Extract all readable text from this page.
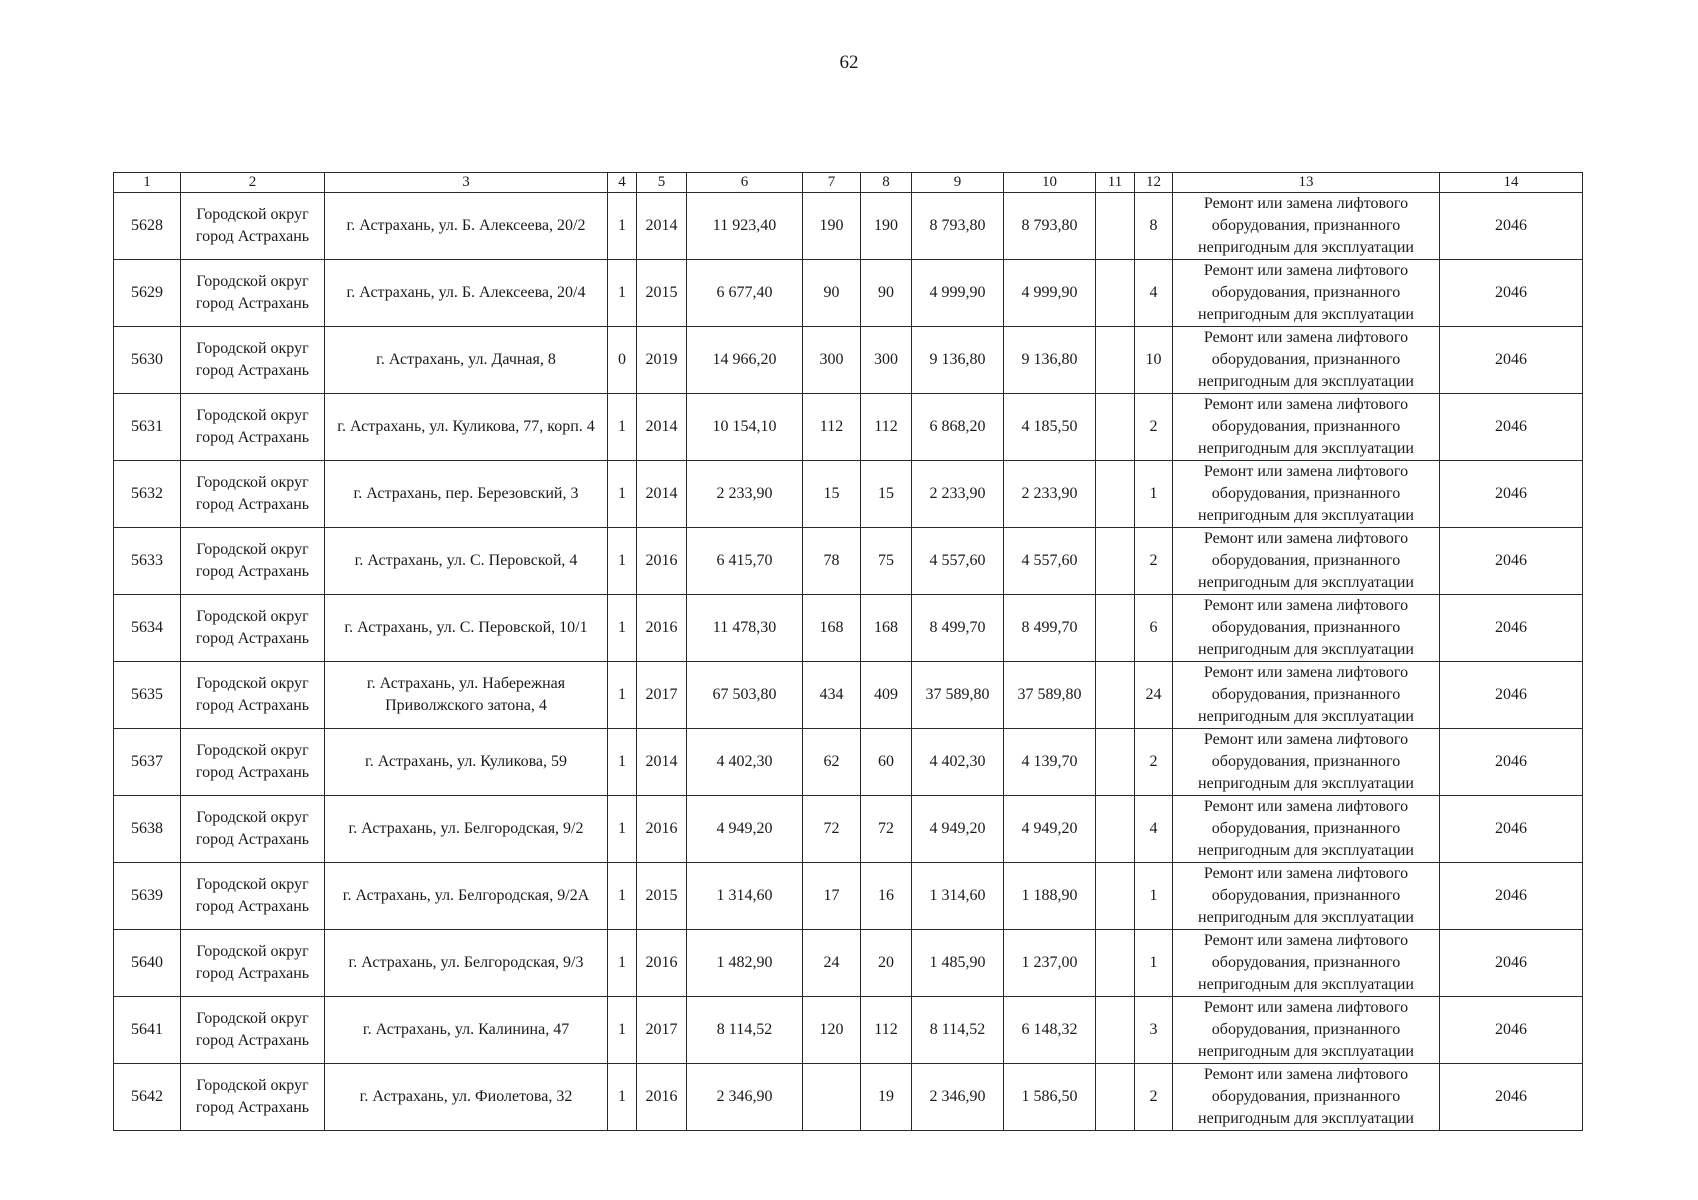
62
1	2	3	4	5	6	7	8	9	10	11	12	13	14
5628	Городской округ
город Астрахань	г. Астрахань, ул. Б. Алексеева, 20/2	1	2014	11 923,40	190	190	8 793,80	8 793,80		8	Ремонт или замена лифтового
оборудования, признанного
непригодным для эксплуатации	2046
5629	Городской округ
город Астрахань	г. Астрахань, ул. Б. Алексеева, 20/4	1	2015	6 677,40	90	90	4 999,90	4 999,90		4	Ремонт или замена лифтового
оборудования, признанного
непригодным для эксплуатации	2046
5630	Городской округ
город Астрахань	г. Астрахань, ул. Дачная, 8	0	2019	14 966,20	300	300	9 136,80	9 136,80		10	Ремонт или замена лифтового
оборудования, признанного
непригодным для эксплуатации	2046
5631	Городской округ
город Астрахань	г. Астрахань, ул. Куликова, 77, корп. 4	1	2014	10 154,10	112	112	6 868,20	4 185,50		2	Ремонт или замена лифтового
оборудования, признанного
непригодным для эксплуатации	2046
5632	Городской округ
город Астрахань	г. Астрахань, пер. Березовский, 3	1	2014	2 233,90	15	15	2 233,90	2 233,90		1	Ремонт или замена лифтового
оборудования, признанного
непригодным для эксплуатации	2046
5633	Городской округ
город Астрахань	г. Астрахань, ул. С. Перовской, 4	1	2016	6 415,70	78	75	4 557,60	4 557,60		2	Ремонт или замена лифтового
оборудования, признанного
непригодным для эксплуатации	2046
5634	Городской округ
город Астрахань	г. Астрахань, ул. С. Перовской, 10/1	1	2016	11 478,30	168	168	8 499,70	8 499,70		6	Ремонт или замена лифтового
оборудования, признанного
непригодным для эксплуатации	2046
5635	Городской округ
город Астрахань	г. Астрахань, ул. Набережная Приволжского затона, 4	1	2017	67 503,80	434	409	37 589,80	37 589,80		24	Ремонт или замена лифтового
оборудования, признанного
непригодным для эксплуатации	2046
5637	Городской округ
город Астрахань	г. Астрахань, ул. Куликова, 59	1	2014	4 402,30	62	60	4 402,30	4 139,70		2	Ремонт или замена лифтового
оборудования, признанного
непригодным для эксплуатации	2046
5638	Городской округ
город Астрахань	г. Астрахань, ул. Белгородская, 9/2	1	2016	4 949,20	72	72	4 949,20	4 949,20		4	Ремонт или замена лифтового
оборудования, признанного
непригодным для эксплуатации	2046
5639	Городской округ
город Астрахань	г. Астрахань, ул. Белгородская, 9/2А	1	2015	1 314,60	17	16	1 314,60	1 188,90		1	Ремонт или замена лифтового
оборудования, признанного
непригодным для эксплуатации	2046
5640	Городской округ
город Астрахань	г. Астрахань, ул. Белгородская, 9/3	1	2016	1 482,90	24	20	1 485,90	1 237,00		1	Ремонт или замена лифтового
оборудования, признанного
непригодным для эксплуатации	2046
5641	Городской округ
город Астрахань	г. Астрахань, ул. Калинина, 47	1	2017	8 114,52	120	112	8 114,52	6 148,32		3	Ремонт или замена лифтового
оборудования, признанного
непригодным для эксплуатации	2046
5642	Городской округ
город Астрахань	г. Астрахань, ул. Фиолетова, 32	1	2016	2 346,90		19	2 346,90	1 586,50		2	Ремонт или замена лифтового
оборудования, признанного
непригодным для эксплуатации	2046
